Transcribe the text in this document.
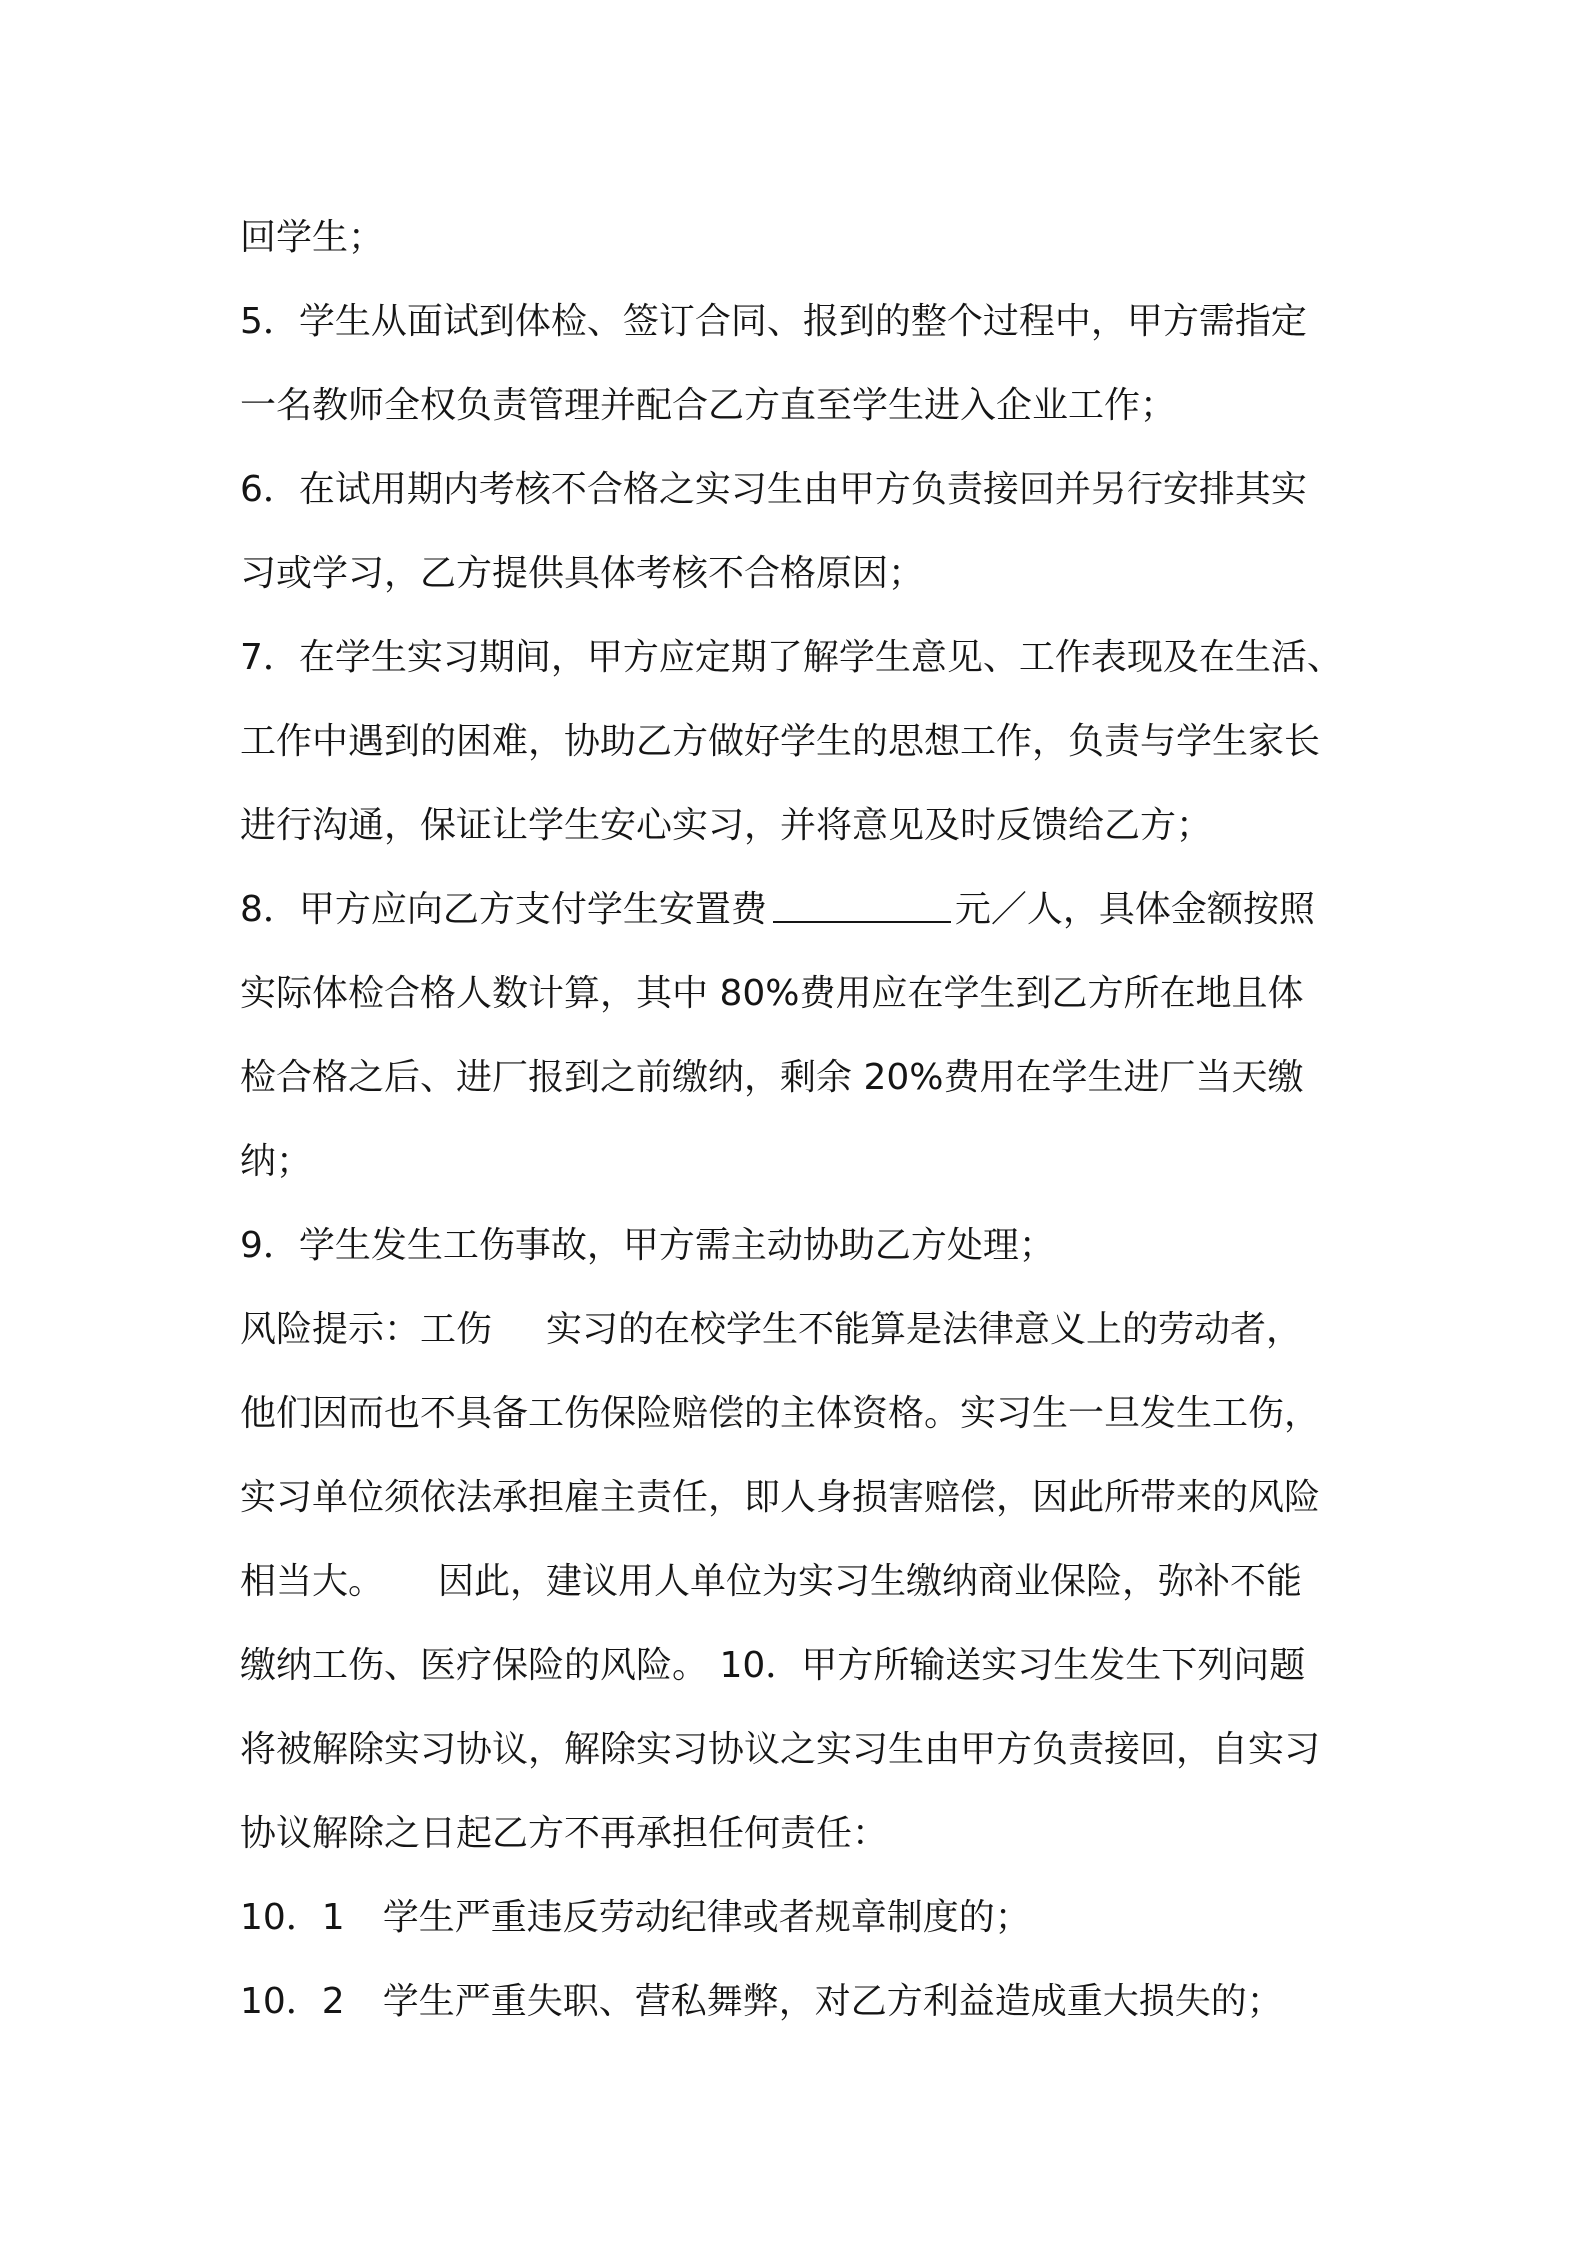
回学生；
5．学生从面试到体检、签订合同、报到的整个过程中，甲方需指定
一名教师全权负责管理并配合乙方直至学生进入企业工作；
6．在试用期内考核不合格之实习生由甲方负责接回并另行安排其实
习或学习，乙方提供具体考核不合格原因；
7．在学生实习期间，甲方应定期了解学生意见、工作表现及在生活、
工作中遇到的困难，协助乙方做好学生的思想工作，负责与学生家长
进行沟通，保证让学生安心实习，并将意见及时反馈给乙方；
8．甲方应向乙方支付学生安置费	元／人，具体金额按照
实际体检合格人数计算，其中 80%费用应在学生到乙方所在地且体
检合格之后、进厂报到之前缴纳，剩余 20%费用在学生进厂当天缴
纳；
9．学生发生工伤事故，甲方需主动协助乙方处理；
风险提示：工伤 实习的在校学生不能算是法律意义上的劳动者，
他们因而也不具备工伤保险赔偿的主体资格。实习生一旦发生工伤，
实习单位须依法承担雇主责任，即人身损害赔偿，因此所带来的风险
相当大。 因此，建议用人单位为实习生缴纳商业保险，弥补不能
缴纳工伤、医疗保险的风险。 10．甲方所输送实习生发生下列问题
将被解除实习协议，解除实习协议之实习生由甲方负责接回，自实习
协议解除之日起乙方不再承担任何责任：
10．1 学生严重违反劳动纪律或者规章制度的；
10．2 学生严重失职、营私舞弊，对乙方利益造成重大损失的；
